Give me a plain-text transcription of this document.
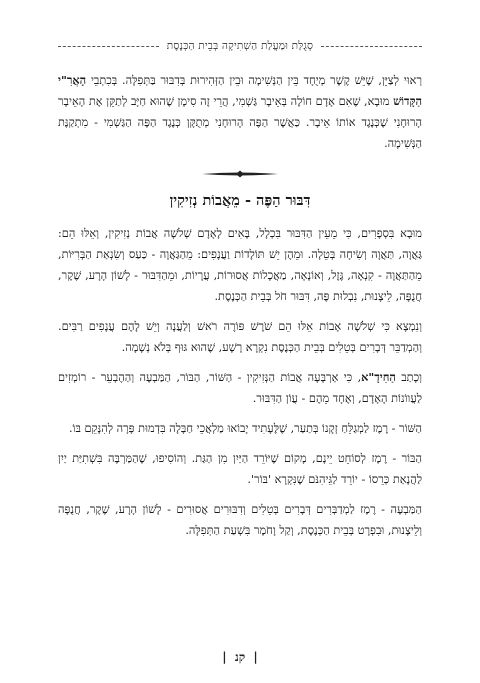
סְגֻלַּת וּמַעֲלַת הַשְׁתִיקָה בְּבֵית הַכְּנֶסֶת

רְאוּי לְצַיֵּן, שֶׁיֵּשׁ קֶשֶׁר מְיֻחָד בֵּין הַנְּשִׁימָה וּבֵין הַזְּהִירוּת בְּדִבּוּר בַּתְּפִלָּה. בְּכִתְבֵי הָאֲרִ"י הַקָּדוֹשׁ מוּבָא, שֶׁאִם אָדָם חוֹלֶה בְּאֵיבָר גַּשְׁמִי, הֲרֵי זֶה סִימָן שֶׁהוּא חַיָּב לְתַקֵּן אֶת הָאֵיבָר הָרוּחָנִי שֶׁכְּנֶגֶד אוֹתוֹ אֵיבָר. כַּאֲשֶׁר הַפֶּה הָרוּחָנִי מְתֻקָּן כְּנֶגֶד הַפֶּה הַגַּשְׁמִי - מִתְקַנֶּת הַנְּשִׁימָה.

דִּבּוּר הַפֶּה - מֵאֲבוֹת נְזִיקִין

מוּבָא בִּסְפָרִים, כִּי מֵעֵין הַדִּבּוּר בִּכְלָל, בָּאִים לָאָדָם שְׁלֹשָׁה אֲבוֹת נְזִיקִין, וְאֵלּוּ הֵם: גַּאֲוָה, תַּאֲוָה וְשִׂיחָה בְּטֵלָה. וּמֵהֶן יֵשׁ תּוֹלָדוֹת וַעֲנָפִים: מֵהַגַּאֲוָה - כַּעַס וְשִׂנְאַת הַבְּרִיּוֹת, מֵהַתַּאֲוָה - קִנְאָה, גֶּזֶל, וְאוֹנָאָה, מַאֲכָלוֹת אֲסוּרוֹת, עֲרָיוֹת, וּמֵהַדִּבּוּר - לָשׁוֹן הָרָע, שֶׁקֶר, חֲנֻפָּה, לֵיצָנוּת, נִבְלוּת פֶּה, דִּבּוּר חֹל בְּבֵית הַכְּנֶסֶת.

וְנִמְצָא כִּי שְׁלֹשָׁה אָבוֹת אֵלּוּ הֵם שֹׁרֶשׁ פּוֹרֶה רֹאשׁ וְלַעֲנָה וְיֵשׁ לָהֶם עֲנָפִים רַבִּים. וְהַמְדַבֵּר דְּבָרִים בְּטֵלִים בְּבֵית הַכְּנֶסֶת נִקְרָא רָשָׁע, שֶׁהוּא גּוּף בְּלֹא נְשָׁמָה.

וְכָתַב הַחִידָ"א, כִּי אַרְבָּעָה אֲבוֹת הַנְּזִיקִין - הַשּׁוֹר, הַבּוֹר, הַמַּבְעֶה וְהַהֶבְעֵר - רוֹמְזִים לַעֲווֹנוֹת הָאָדָם, וְאֶחָד מֵהֶם - עֲוֹן הַדִּבּוּר.

הַשּׁוֹר - רֶמֶז לַמְגַלֵּחַ זְקָנוֹ בְּתַעַר, שֶׁלֶּעָתִיד יָבוֹאוּ מַלְאֲכֵי חַבָּלָה בִּדְמוּת פָּרָה לְהִנָּקֵם בּוֹ.

הַבּוֹר - רֶמֶז לְסוֹחֵט יֵינָם, מָקוֹם שֶׁיּוֹרֵד הַיַּיִן מִן הַגַּת. וְהוֹסִיפוּ, שֶׁהַמַּרְבֶּה בִּשְׁתִיַּת יַיִן לַהֲנָאַת כְּרֵסוֹ - יוֹרֵד לַגֵּיהִנֹּם שֶׁנִּקְרָא 'בּוֹר'.

הַמַּבְעֶה - רֶמֶז לַמְדַבְּרִים דְּבָרִים בְּטֵלִים וְדִבּוּרִים אֲסוּרִים - לָשׁוֹן הָרָע, שֶׁקֶר, חֲנֻפָּה וְלֵיצָנוּת, וּבִפְרָט בְּבֵית הַכְּנֶסֶת, וְקַל וָחֹמֶר בִּשְׁעַת הַתְּפִלָּה.

| קנ |
